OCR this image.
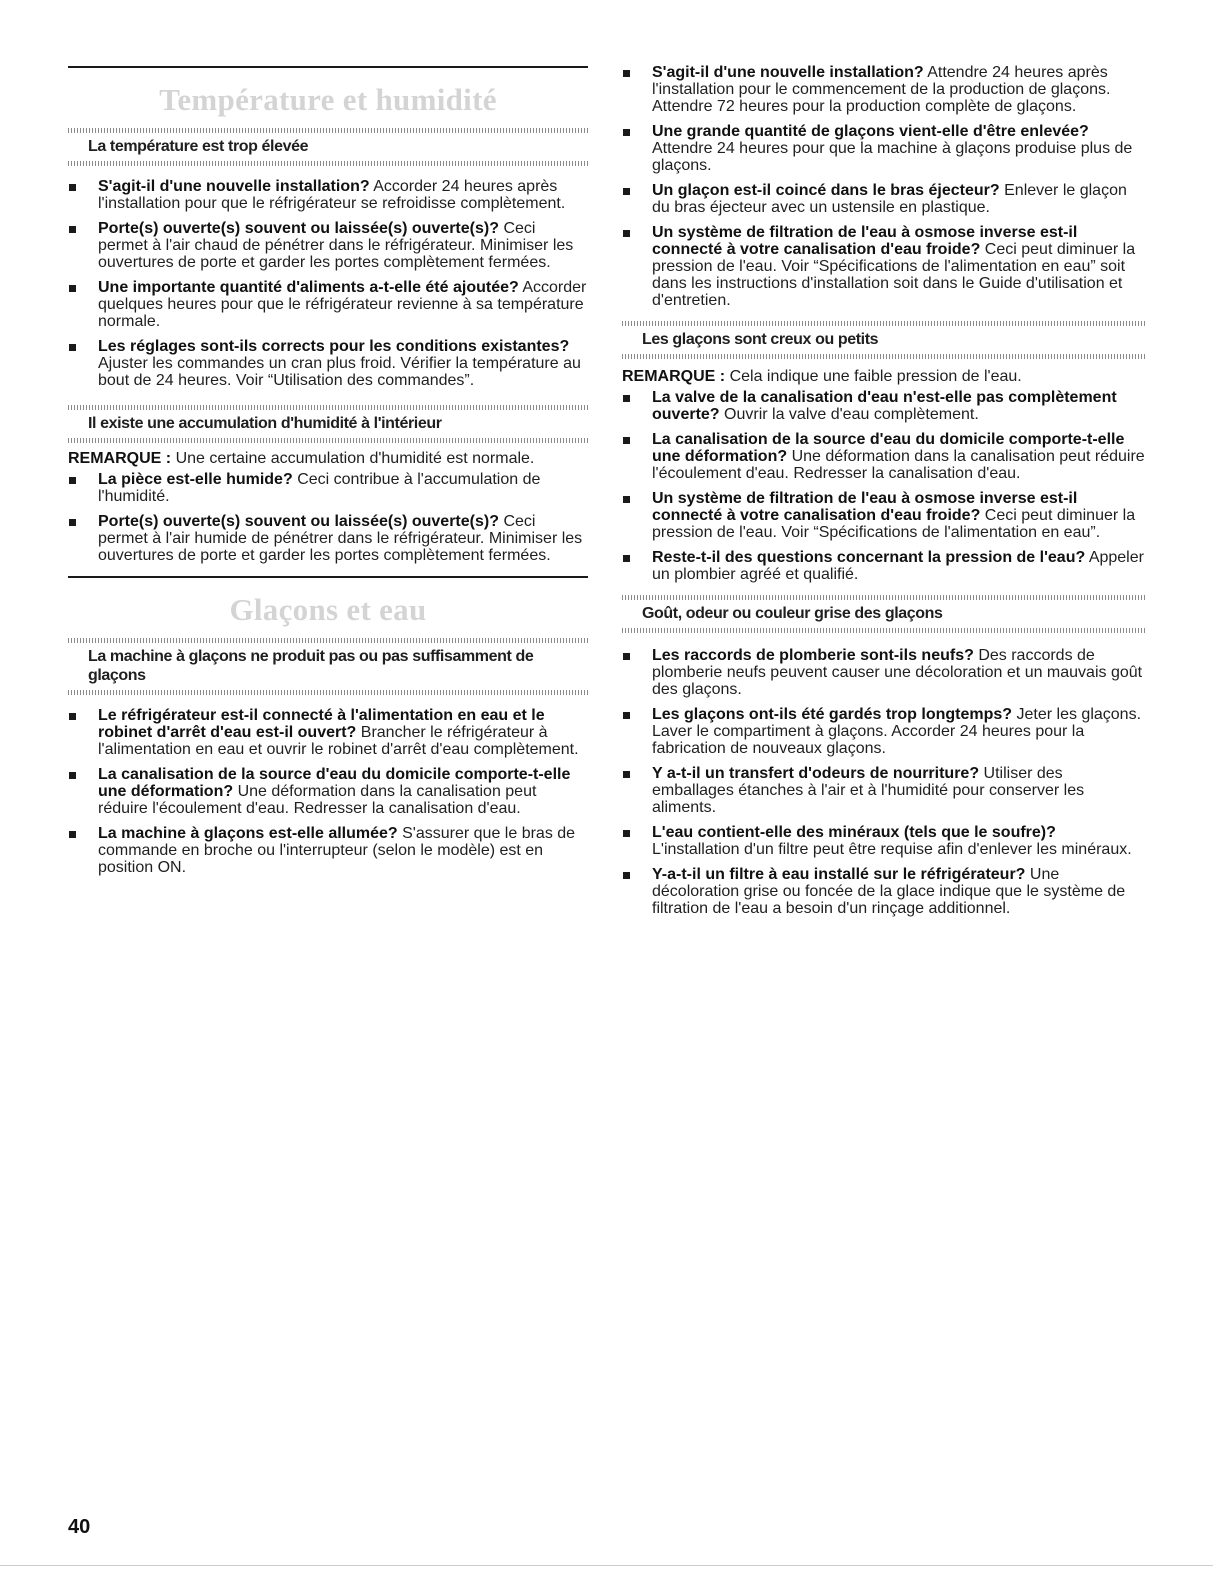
Température et humidité
La température est trop élevée
S'agit-il d'une nouvelle installation? Accorder 24 heures après l'installation pour que le réfrigérateur se refroidisse complètement.
Porte(s) ouverte(s) souvent ou laissée(s) ouverte(s)? Ceci permet à l'air chaud de pénétrer dans le réfrigérateur. Minimiser les ouvertures de porte et garder les portes complètement fermées.
Une importante quantité d'aliments a-t-elle été ajoutée? Accorder quelques heures pour que le réfrigérateur revienne à sa température normale.
Les réglages sont-ils corrects pour les conditions existantes? Ajuster les commandes un cran plus froid. Vérifier la température au bout de 24 heures. Voir “Utilisation des commandes”.
Il existe une accumulation d'humidité à l'intérieur

REMARQUE : Une certaine accumulation d'humidité est normale.

La pièce est-elle humide? Ceci contribue à l'accumulation de l'humidité.
Porte(s) ouverte(s) souvent ou laissée(s) ouverte(s)? Ceci permet à l'air humide de pénétrer dans le réfrigérateur. Minimiser les ouvertures de porte et garder les portes complètement fermées.
Glaçons et eau
La machine à glaçons ne produit pas ou pas suffisamment de glaçons
Le réfrigérateur est-il connecté à l'alimentation en eau et le robinet d'arrêt d'eau est-il ouvert? Brancher le réfrigérateur à l'alimentation en eau et ouvrir le robinet d'arrêt d'eau complètement.
La canalisation de la source d'eau du domicile comporte-t-elle une déformation? Une déformation dans la canalisation peut réduire l'écoulement d'eau. Redresser la canalisation d'eau.
La machine à glaçons est-elle allumée? S'assurer que le bras de commande en broche ou l'interrupteur (selon le modèle) est en position ON.
S'agit-il d'une nouvelle installation? Attendre 24 heures après l'installation pour le commencement de la production de glaçons. Attendre 72 heures pour la production complète de glaçons.
Une grande quantité de glaçons vient-elle d'être enlevée? Attendre 24 heures pour que la machine à glaçons produise plus de glaçons.
Un glaçon est-il coincé dans le bras éjecteur? Enlever le glaçon du bras éjecteur avec un ustensile en plastique.
Un système de filtration de l'eau à osmose inverse est-il connecté à votre canalisation d'eau froide? Ceci peut diminuer la pression de l'eau. Voir “Spécifications de l'alimentation en eau” soit dans les instructions d'installation soit dans le Guide d'utilisation et d'entretien.
Les glaçons sont creux ou petits

REMARQUE : Cela indique une faible pression de l'eau.

La valve de la canalisation d'eau n'est-elle pas complètement ouverte? Ouvrir la valve d'eau complètement.
La canalisation de la source d'eau du domicile comporte-t-elle une déformation? Une déformation dans la canalisation peut réduire l'écoulement d'eau. Redresser la canalisation d'eau.
Un système de filtration de l'eau à osmose inverse est-il connecté à votre canalisation d'eau froide? Ceci peut diminuer la pression de l'eau. Voir “Spécifications de l'alimentation en eau”.
Reste-t-il des questions concernant la pression de l'eau? Appeler un plombier agréé et qualifié.
Goût, odeur ou couleur grise des glaçons
Les raccords de plomberie sont-ils neufs? Des raccords de plomberie neufs peuvent causer une décoloration et un mauvais goût des glaçons.
Les glaçons ont-ils été gardés trop longtemps? Jeter les glaçons. Laver le compartiment à glaçons. Accorder 24 heures pour la fabrication de nouveaux glaçons.
Y a-t-il un transfert d'odeurs de nourriture? Utiliser des emballages étanches à l'air et à l'humidité pour conserver les aliments.
L'eau contient-elle des minéraux (tels que le soufre)? L'installation d'un filtre peut être requise afin d'enlever les minéraux.
Y-a-t-il un filtre à eau installé sur le réfrigérateur? Une décoloration grise ou foncée de la glace indique que le système de filtration de l'eau a besoin d'un rinçage additionnel.
40
